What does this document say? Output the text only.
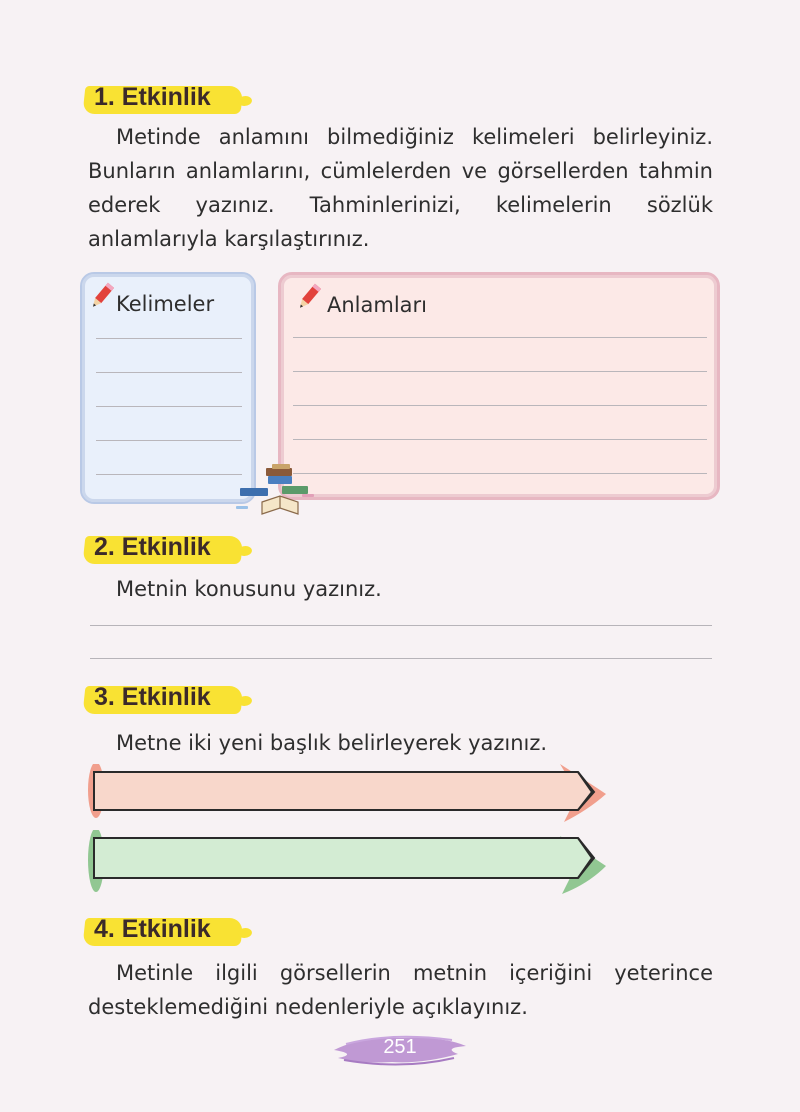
1. Etkinlik
Metinde anlamını bilmediğiniz kelimeleri belirleyiniz. Bunların anlamlarını, cümlelerden ve görsellerden tahmin ederek yazınız. Tahminlerinizi, kelimelerin sözlük anlamlarıyla karşılaştırınız.
Kelimeler	Anlamları
2. Etkinlik
Metnin konusunu yazınız.
3. Etkinlik
Metne iki yeni başlık belirleyerek yazınız.
4. Etkinlik
Metinle ilgili görsellerin metnin içeriğini yeterince desteklemediğini nedenleriyle açıklayınız.
251
